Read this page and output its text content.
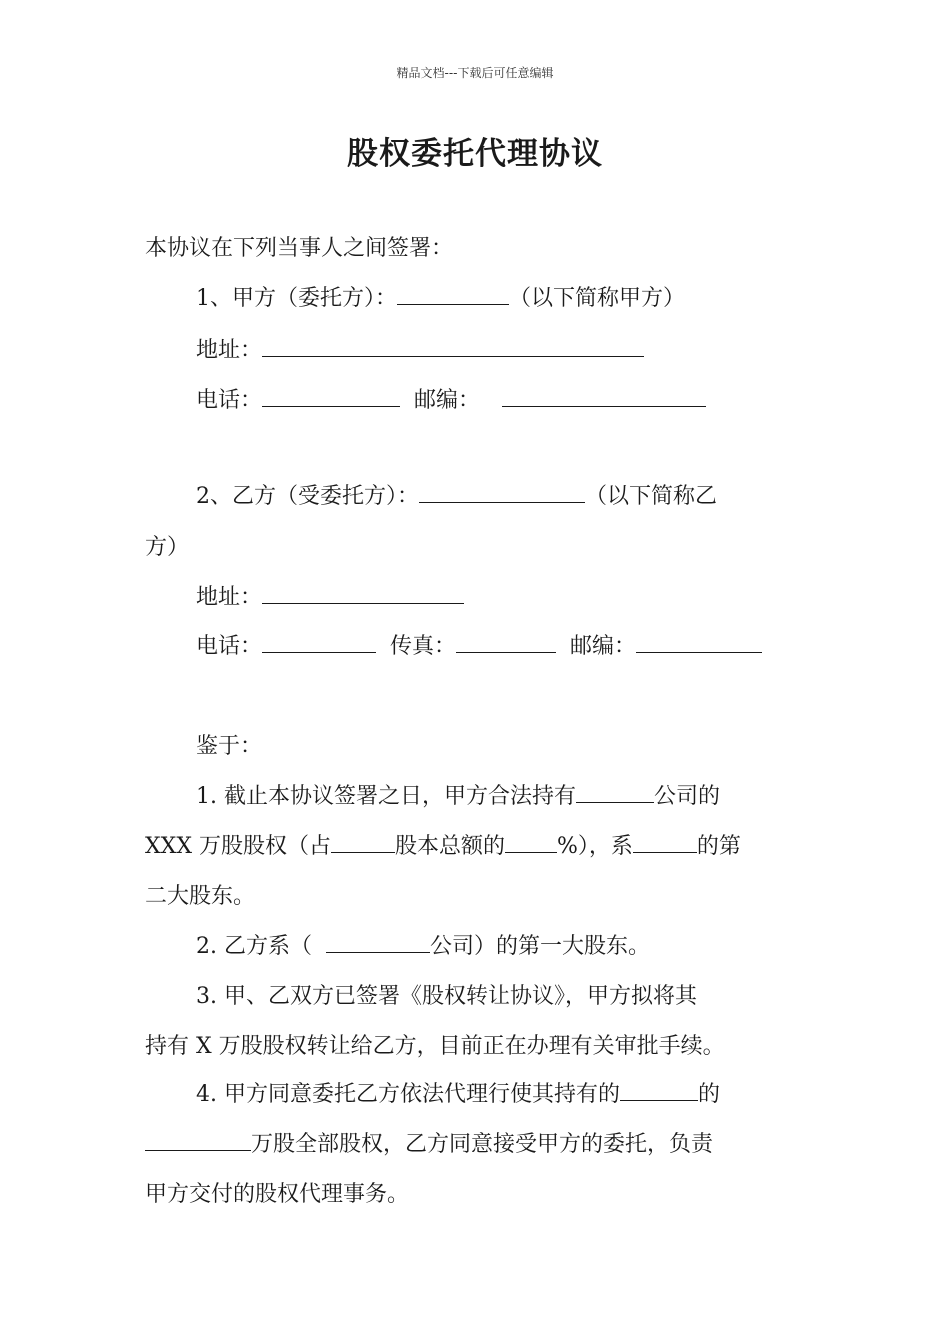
精品文档---下载后可任意编辑
股权委托代理协议
本协议在下列当事人之间签署：
1、甲方（委托方）：	（以下简称甲方）
地址：
电话：	邮编：
2、乙方（受委托方）：	（以下简称乙
方）
地址：
电话：	传真：	邮编：
鉴于：
1. 截止本协议签署之日，甲方合法持有	公司的
XXX 万股股权（占	股本总额的 %），系	的第
二大股东。
2. 乙方系（	公司）的第一大股东。
3. 甲、乙双方已签署《股权转让协议》，甲方拟将其
持有 X 万股股权转让给乙方，目前正在办理有关审批手续。
4. 甲方同意委托乙方依法代理行使其持有的	的
万股全部股权，乙方同意接受甲方的委托，负责
甲方交付的股权代理事务。
